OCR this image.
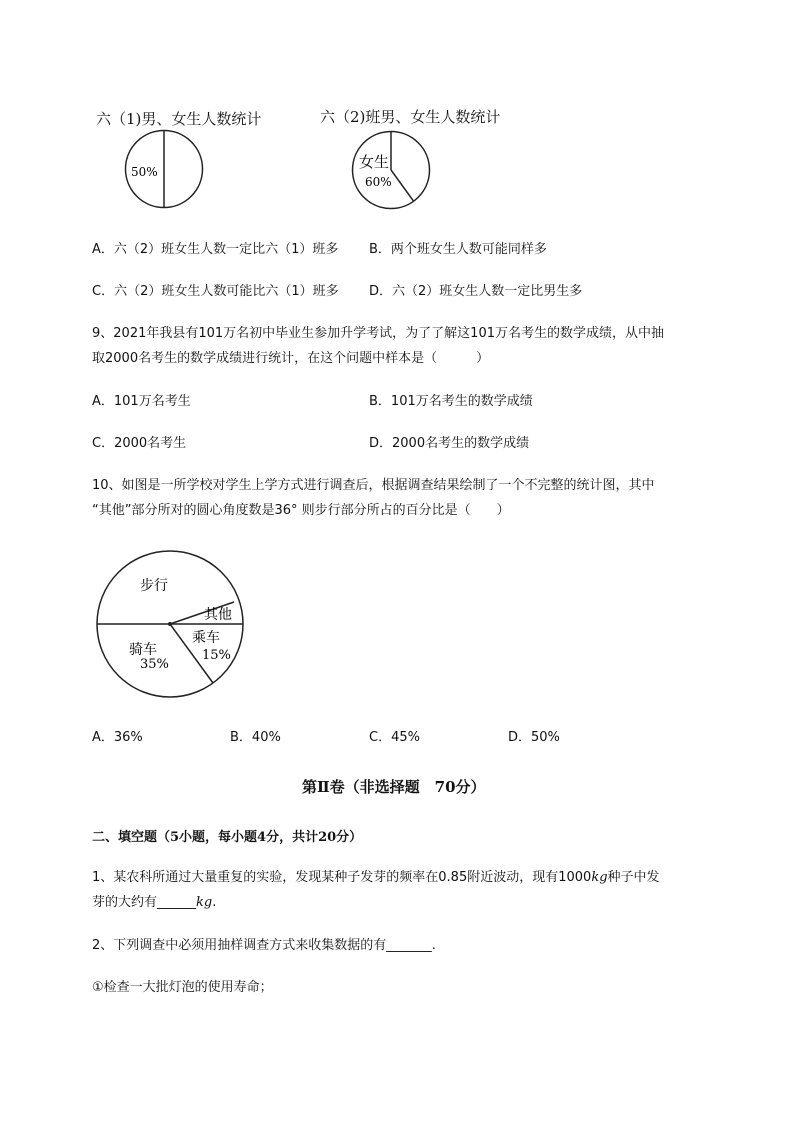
六（1)男、女生人数统计
50%
六（2)班男、女生人数统计
女生
60%
A．六（2）班女生人数一定比六（1）班多 B．两个班女生人数可能同样多
C．六（2）班女生人数可能比六（1）班多 D．六（2）班女生人数一定比男生多
9、2021年我县有101万名初中毕业生参加升学考试，为了了解这101万名考生的数学成绩，从中抽
取2000名考生的数学成绩进行统计，在这个问题中样本是（　　　）
A．101万名考生	B．101万名考生的数学成绩
C．2000名考生	D．2000名考生的数学成绩
10、如图是一所学校对学生上学方式进行调查后，根据调查结果绘制了一个不完整的统计图，其中
“其他”部分所对的圆心角度数是36° 则步行部分所占的百分比是（　　）
步行
其他
乘车
15%
骑车
35%
A．36%	B．40%	C．45%	D．50%
第Ⅱ卷（非选择题　70分）
二、填空题（5小题，每小题4分，共计20分）
1、某农科所通过大量重复的实验，发现某种子发芽的频率在0.85附近波动，现有1000kg种子中发
芽的大约有______kg.
2、下列调查中必须用抽样调查方式来收集数据的有_______.
①检查一大批灯泡的使用寿命；
